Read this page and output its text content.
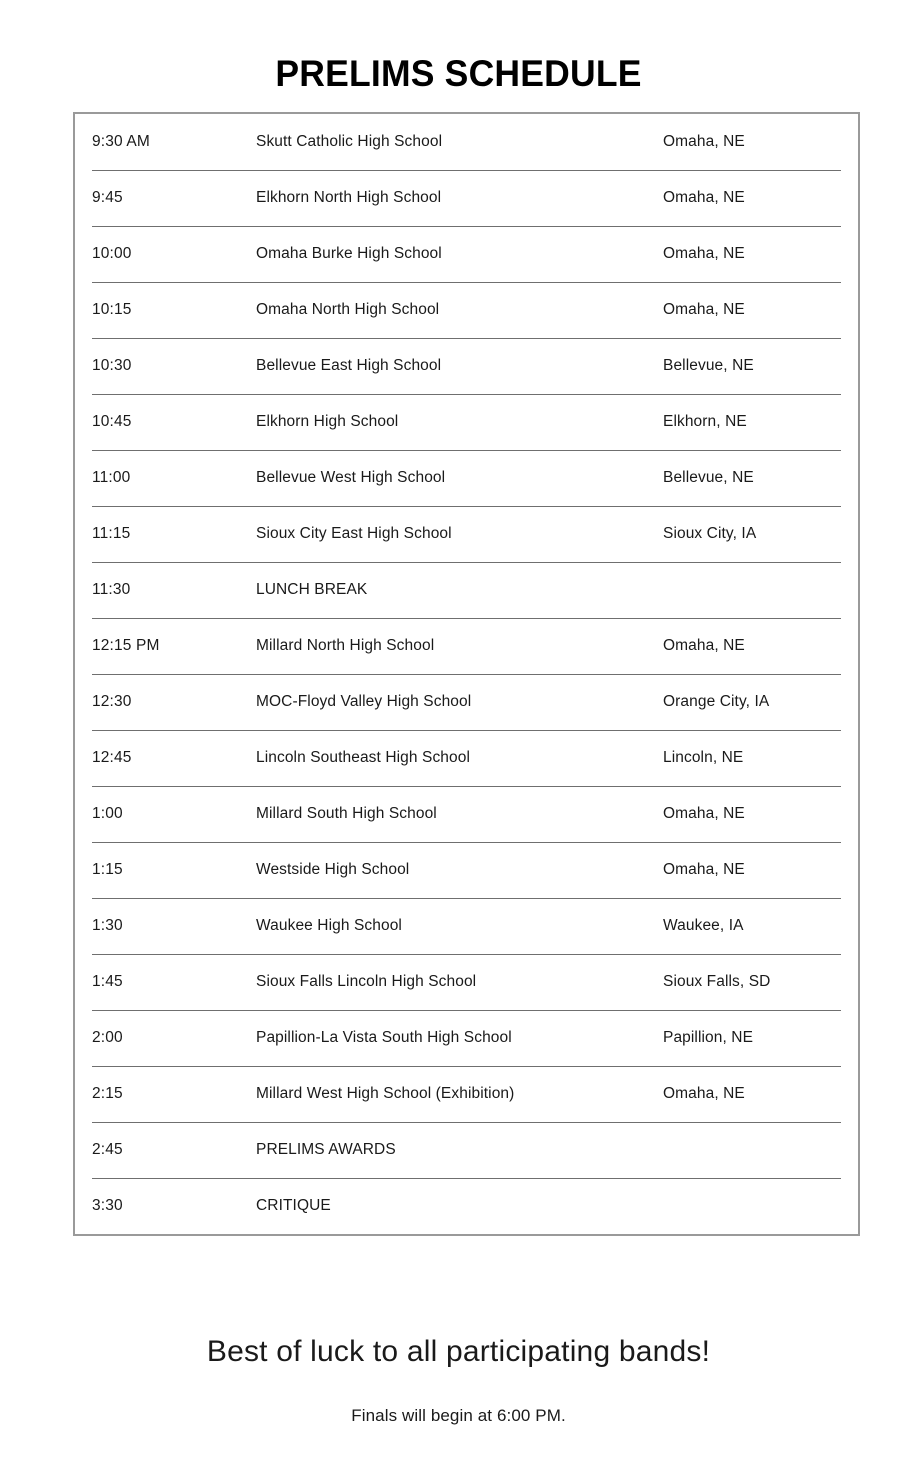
PRELIMS SCHEDULE
9:30 AM	Skutt Catholic High School	Omaha, NE
9:45	Elkhorn North High School	Omaha, NE
10:00	Omaha Burke High School	Omaha, NE
10:15	Omaha North High School	Omaha, NE
10:30	Bellevue East High School	Bellevue, NE
10:45	Elkhorn High School	Elkhorn, NE
11:00	Bellevue West High School	Bellevue, NE
11:15	Sioux City East High School	Sioux City, IA
11:30	LUNCH BREAK
12:15 PM	Millard North High School	Omaha, NE
12:30	MOC-Floyd Valley High School	Orange City, IA
12:45	Lincoln Southeast High School	Lincoln, NE
1:00	Millard South High School	Omaha, NE
1:15	Westside High School	Omaha, NE
1:30	Waukee High School	Waukee, IA
1:45	Sioux Falls Lincoln High School	Sioux Falls, SD
2:00	Papillion-La Vista South High School	Papillion, NE
2:15	Millard West High School (Exhibition)	Omaha, NE
2:45	PRELIMS AWARDS
3:30	CRITIQUE
Best of luck to all participating bands!
Finals will begin at 6:00 PM.
